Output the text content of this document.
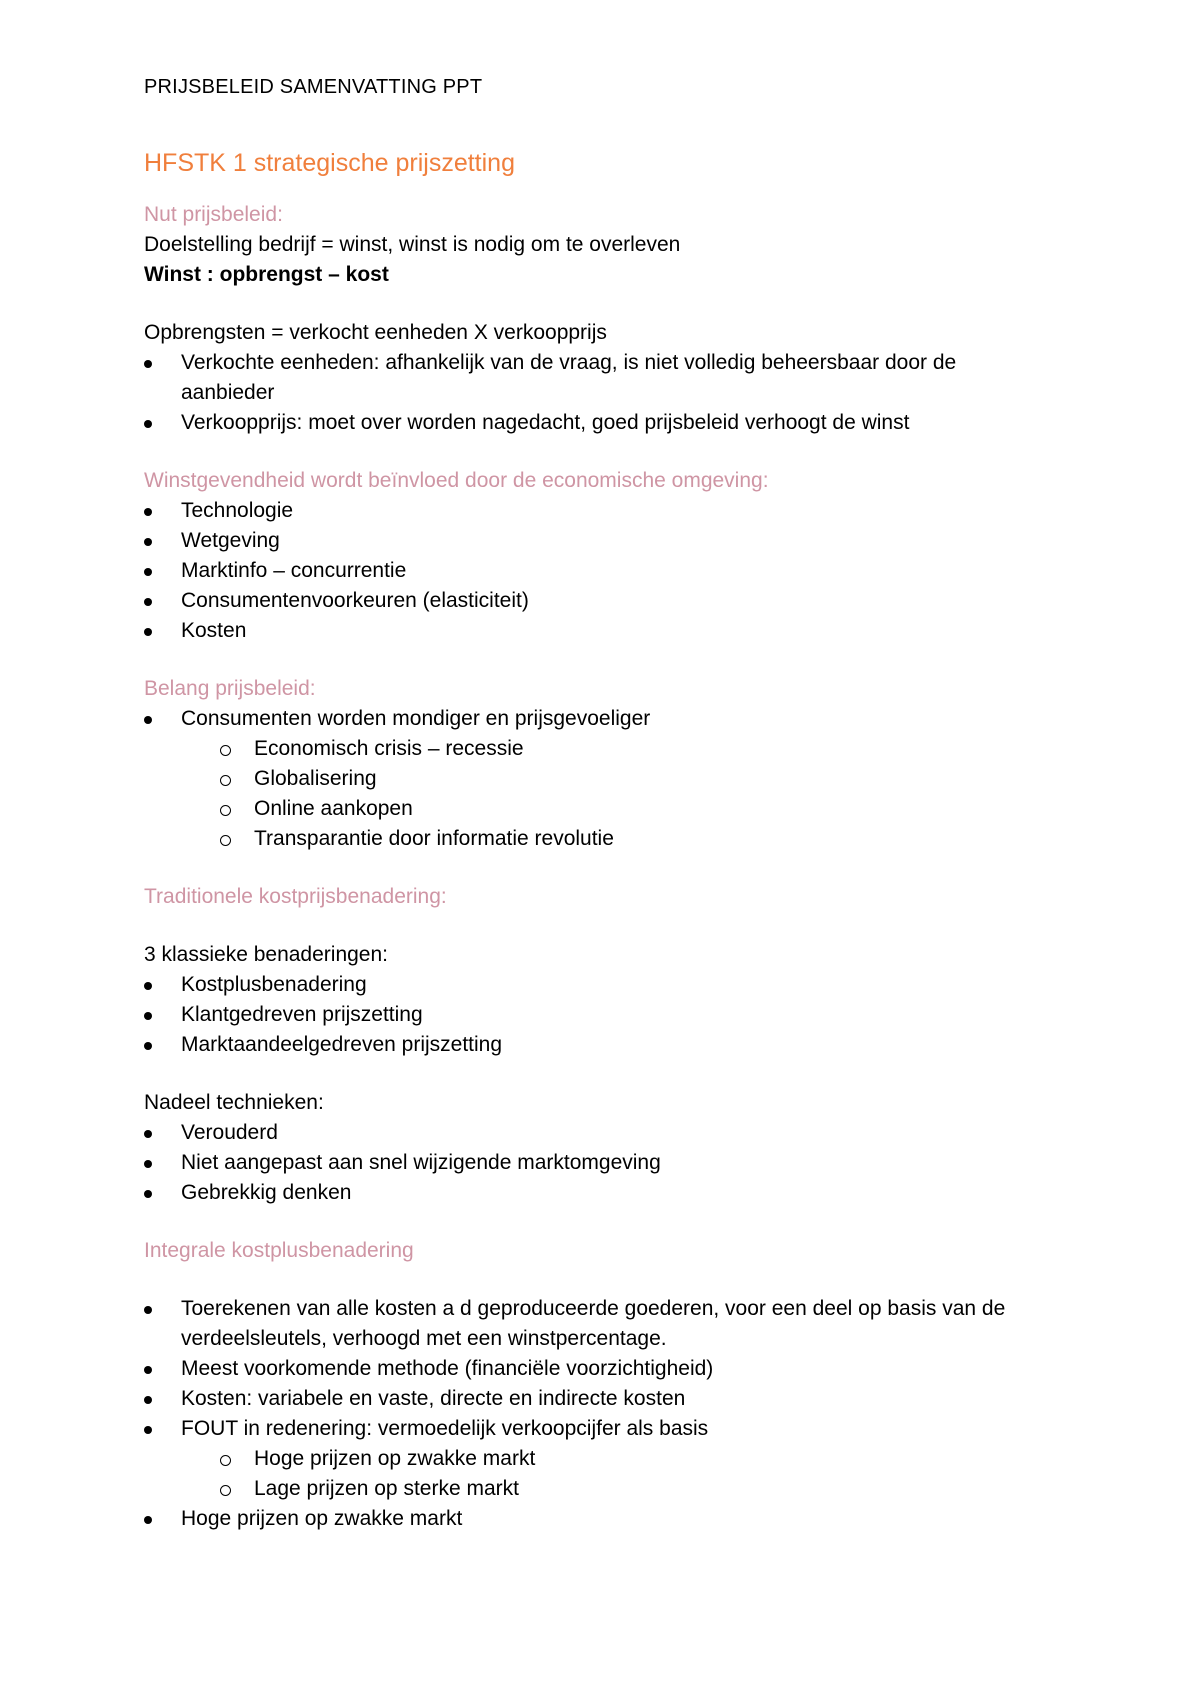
PRIJSBELEID SAMENVATTING PPT
HFSTK 1 strategische prijszetting
Nut prijsbeleid:
Doelstelling bedrijf = winst, winst is nodig om te overleven
Winst : opbrengst – kost
Opbrengsten = verkocht eenheden X verkoopprijs
Verkochte eenheden: afhankelijk van de vraag, is niet volledig beheersbaar door de aanbieder
Verkoopprijs: moet over worden nagedacht, goed prijsbeleid verhoogt de winst
Winstgevendheid wordt beïnvloed door de economische omgeving:
Technologie
Wetgeving
Marktinfo – concurrentie
Consumentenvoorkeuren (elasticiteit)
Kosten
Belang prijsbeleid:
Consumenten worden mondiger en prijsgevoeliger
Economisch crisis – recessie
Globalisering
Online aankopen
Transparantie door informatie revolutie
Traditionele kostprijsbenadering:
3 klassieke benaderingen:
Kostplusbenadering
Klantgedreven prijszetting
Marktaandeelgedreven prijszetting
Nadeel technieken:
Verouderd
Niet aangepast aan snel wijzigende marktomgeving
Gebrekkig denken
Integrale kostplusbenadering
Toerekenen van alle kosten a d geproduceerde goederen, voor een deel op basis van de verdeelsleutels, verhoogd met een winstpercentage.
Meest voorkomende methode (financiële voorzichtigheid)
Kosten: variabele en vaste, directe en indirecte kosten
FOUT in redenering: vermoedelijk verkoopcijfer als basis
Hoge prijzen op zwakke markt
Lage prijzen op sterke markt
Hoge prijzen op zwakke markt
